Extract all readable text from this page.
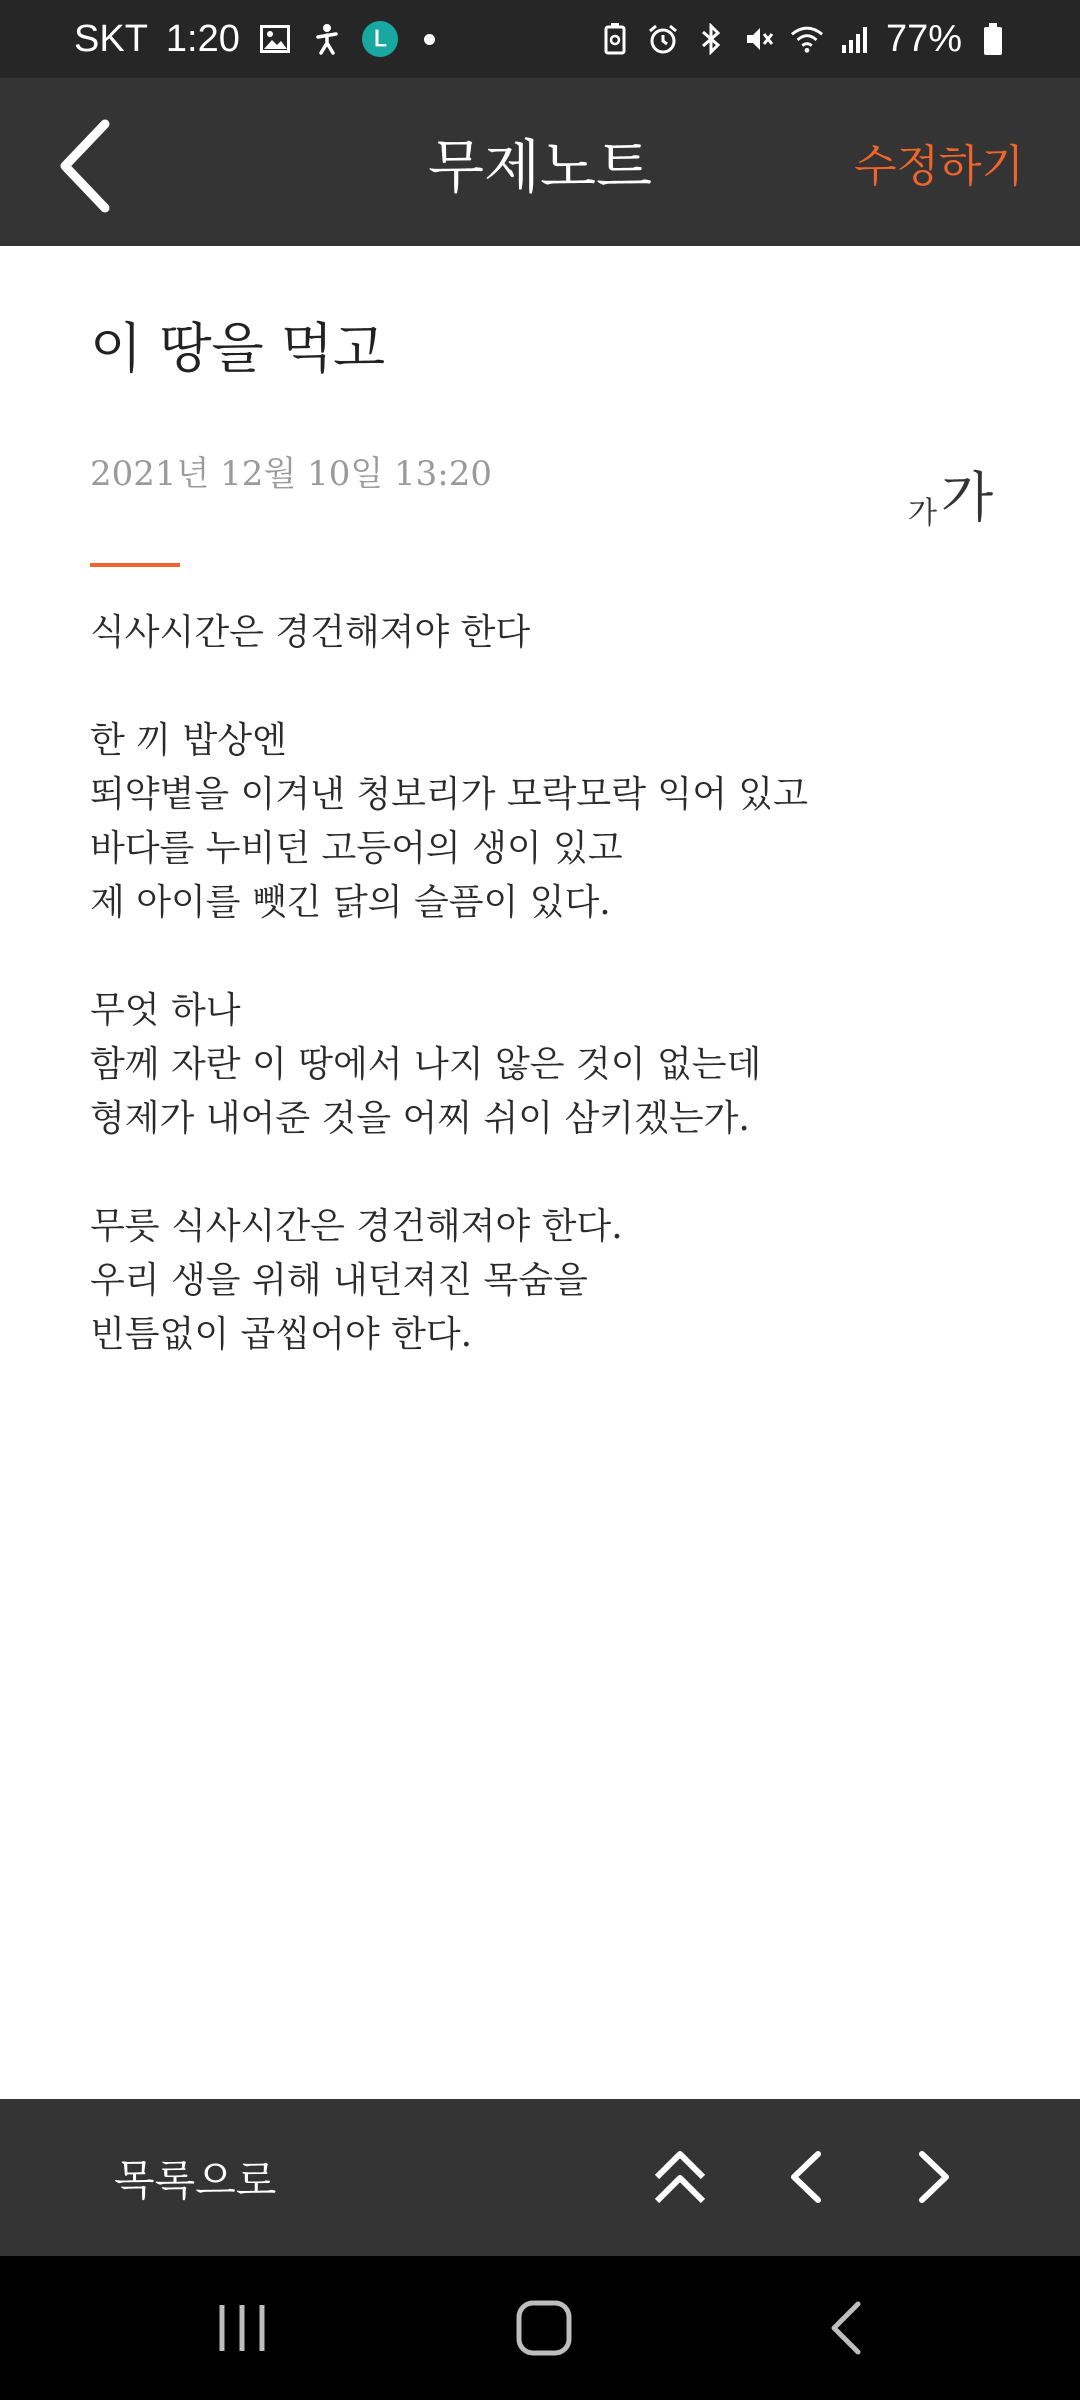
SKT 1:20	ᒪ	77%
무제노트	수정하기
이 땅을 먹고
2021년 12월 10일 13:20
가 가
식사시간은 경건해져야 한다
한 끼 밥상엔
뙤약볕을 이겨낸 청보리가 모락모락 익어 있고
바다를 누비던 고등어의 생이 있고
제 아이를 뺏긴 닭의 슬픔이 있다.
무엇 하나
함께 자란 이 땅에서 나지 않은 것이 없는데
형제가 내어준 것을 어찌 쉬이 삼키겠는가.
무릇 식사시간은 경건해져야 한다.
우리 생을 위해 내던져진 목숨을
빈틈없이 곱씹어야 한다.
목록으로
